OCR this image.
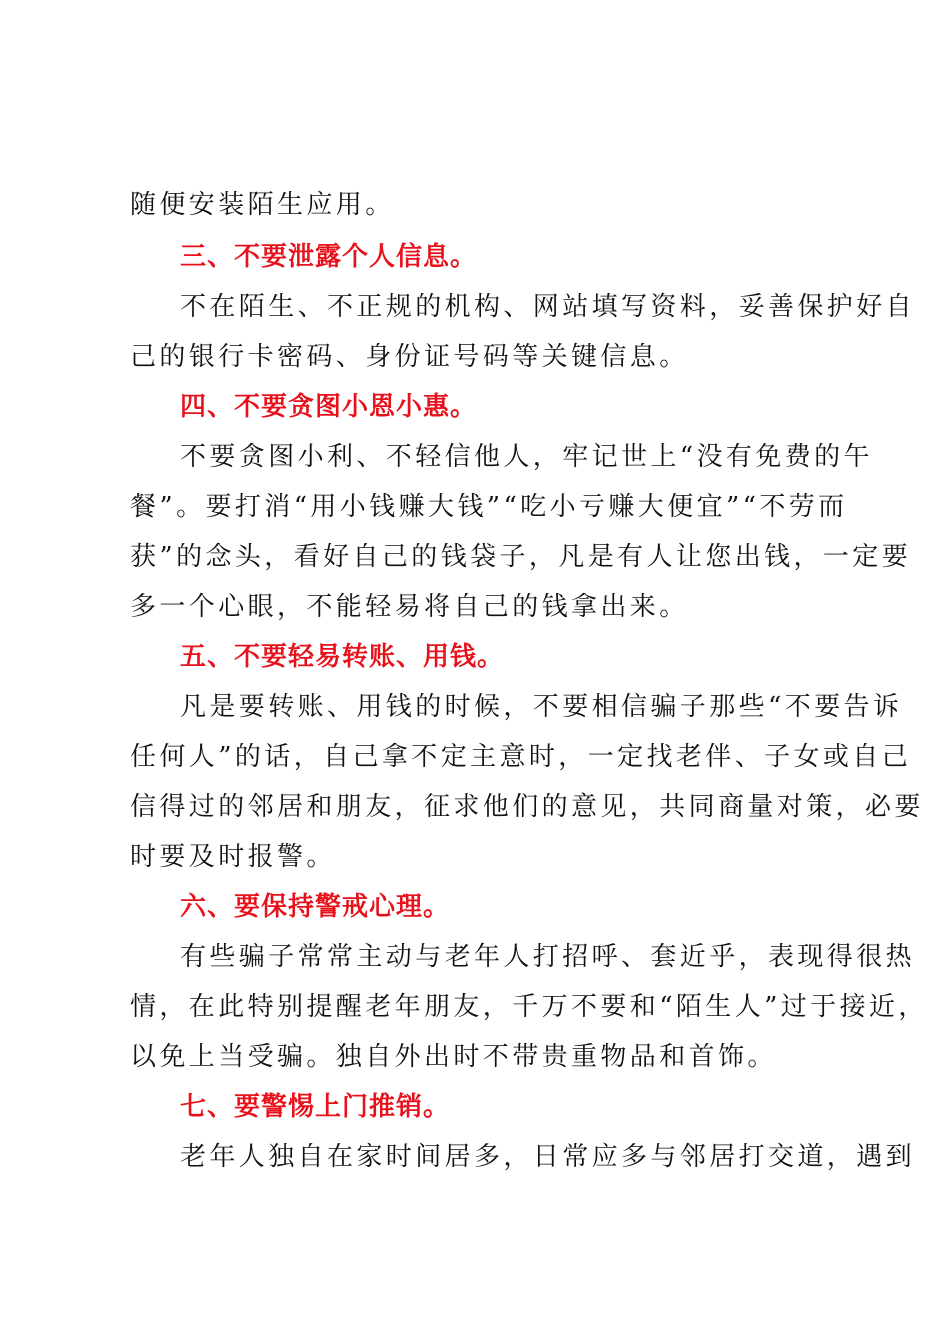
随便安装陌生应用。
三、不要泄露个人信息。
不在陌生、不正规的机构、网站填写资料，妥善保护好自
己的银行卡密码、身份证号码等关键信息。
四、不要贪图小恩小惠。
不要贪图小利、不轻信他人，牢记世上“没有免费的午
餐”。要打消“用小钱赚大钱”“吃小亏赚大便宜”“不劳而
获”的念头，看好自己的钱袋子，凡是有人让您出钱，一定要
多一个心眼，不能轻易将自己的钱拿出来。
五、不要轻易转账、用钱。
凡是要转账、用钱的时候，不要相信骗子那些“不要告诉
任何人”的话，自己拿不定主意时，一定找老伴、子女或自己
信得过的邻居和朋友，征求他们的意见，共同商量对策，必要
时要及时报警。
六、要保持警戒心理。
有些骗子常常主动与老年人打招呼、套近乎，表现得很热
情，在此特别提醒老年朋友，千万不要和“陌生人”过于接近，
以免上当受骗。独自外出时不带贵重物品和首饰。
七、要警惕上门推销。
老年人独自在家时间居多，日常应多与邻居打交道，遇到
